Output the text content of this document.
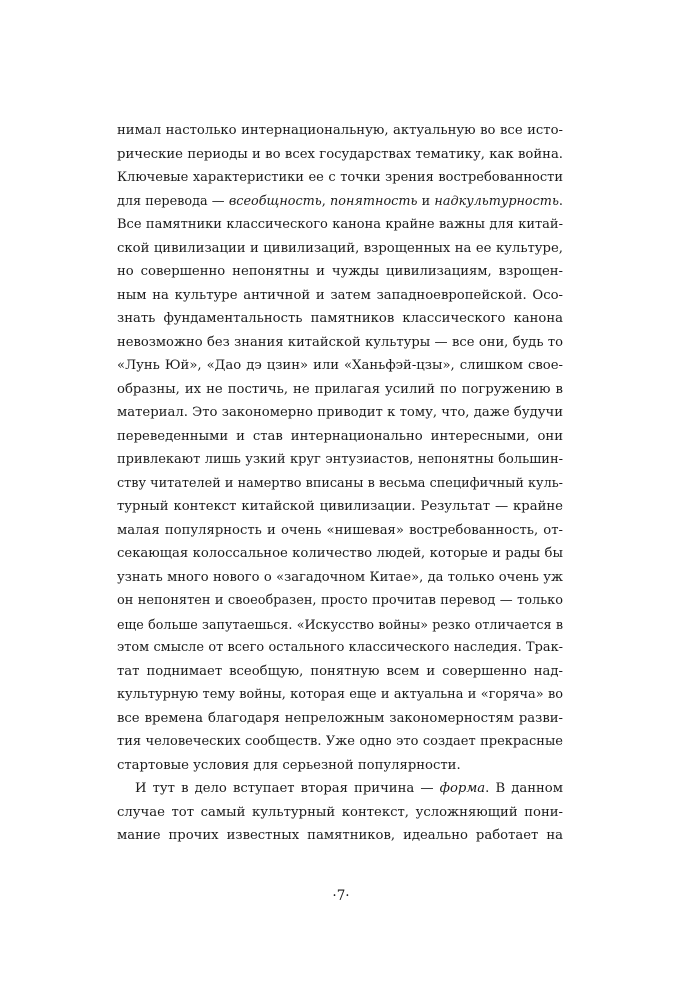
нимал настолько интернациональную, актуальную во все исто-
рические периоды и во всех государствах тематику, как война.
Ключевые характеристики ее с точки зрения востребованности
для перевода — всеобщность, понятность и надкультурность.
Все памятники классического канона крайне важны для китай-
ской цивилизации и цивилизаций, взрощенных на ее культуре,
но совершенно непонятны и чужды цивилизациям, взрощен-
ным на культуре античной и затем западноевропейской. Осо-
знать фундаментальность памятников классического канона
невозможно без знания китайской культуры — все они, будь то
«Лунь Юй», «Дао дэ цзин» или «Ханьфэй-цзы», слишком свое-
образны, их не постичь, не прилагая усилий по погружению в
материал. Это закономерно приводит к тому, что, даже будучи
переведенными и став интернационально интересными, они
привлекают лишь узкий круг энтузиастов, непонятны большин-
ству читателей и намертво вписаны в весьма специфичный куль-
турный контекст китайской цивилизации. Результат — крайне
малая популярность и очень «нишевая» востребованность, от-
секающая колоссальное количество людей, которые и рады бы
узнать много нового о «загадочном Китае», да только очень уж
он непонятен и своеобразен, просто прочитав перевод — только
еще больше запутаешься. «Искусство войны» резко отличается в
этом смысле от всего остального классического наследия. Трак-
тат поднимает всеобщую, понятную всем и совершенно над-
культурную тему войны, которая еще и актуальна и «горяча» во
все времена благодаря непреложным закономерностям разви-
тия человеческих сообществ. Уже одно это создает прекрасные
стартовые условия для серьезной популярности.
И тут в дело вступает вторая причина — форма. В данном
случае тот самый культурный контекст, усложняющий пони-
мание прочих известных памятников, идеально работает на
·7·
